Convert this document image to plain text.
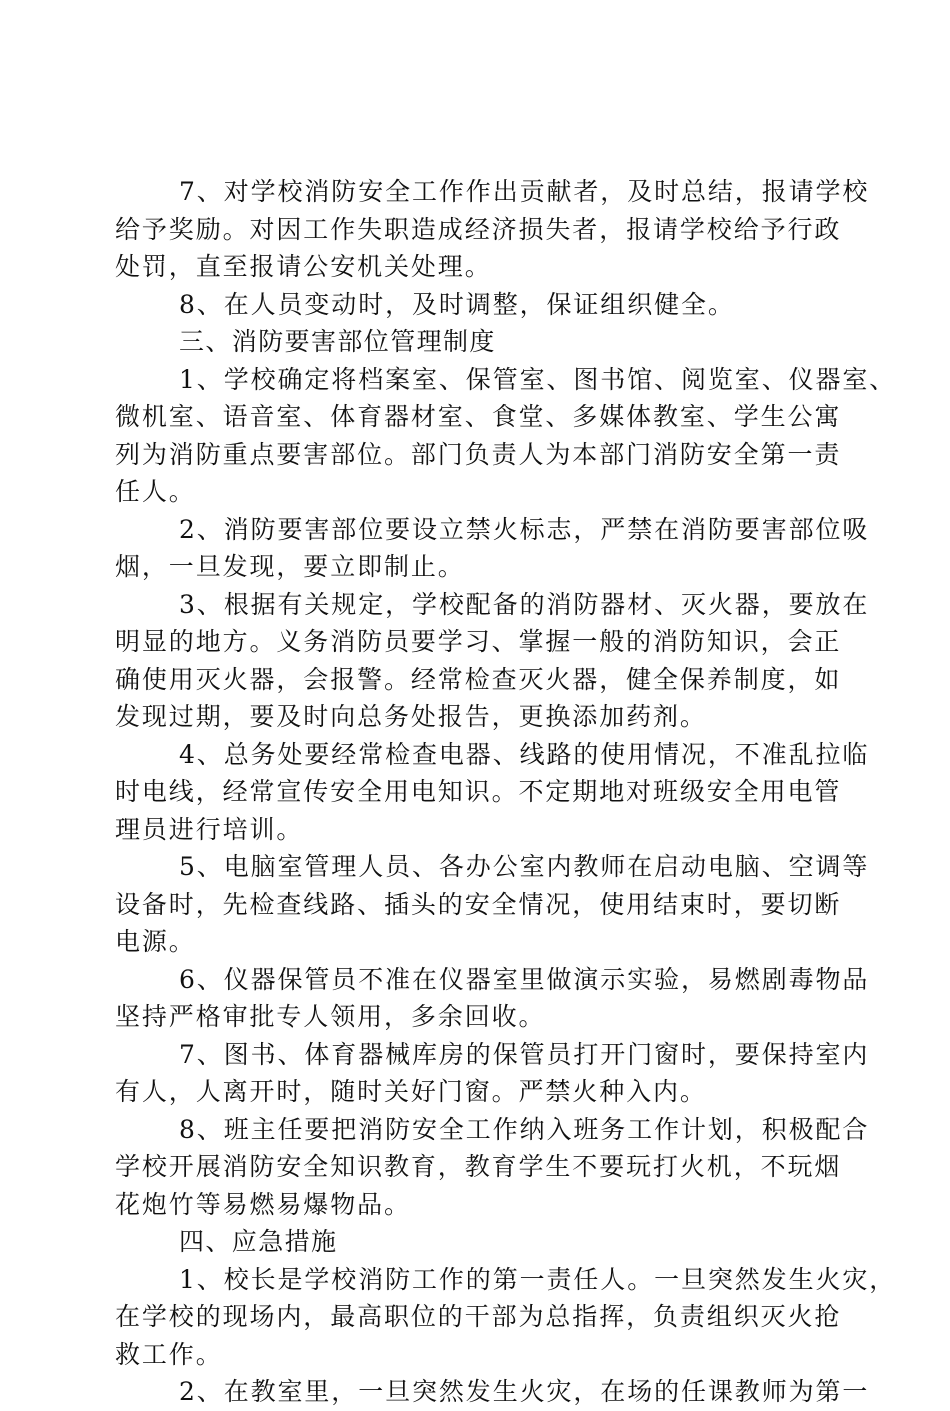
7、对学校消防安全工作作出贡献者，及时总结，报请学校
给予奖励。对因工作失职造成经济损失者，报请学校给予行政
处罚，直至报请公安机关处理。
8、在人员变动时，及时调整，保证组织健全。
三、消防要害部位管理制度
1、学校确定将档案室、保管室、图书馆、阅览室、仪器室、
微机室、语音室、体育器材室、食堂、多媒体教室、学生公寓
列为消防重点要害部位。部门负责人为本部门消防安全第一责
任人。
2、消防要害部位要设立禁火标志，严禁在消防要害部位吸
烟，一旦发现，要立即制止。
3、根据有关规定，学校配备的消防器材、灭火器，要放在
明显的地方。义务消防员要学习、掌握一般的消防知识，会正
确使用灭火器，会报警。经常检查灭火器，健全保养制度，如
发现过期，要及时向总务处报告，更换添加药剂。
4、总务处要经常检查电器、线路的使用情况，不准乱拉临
时电线，经常宣传安全用电知识。不定期地对班级安全用电管
理员进行培训。
5、电脑室管理人员、各办公室内教师在启动电脑、空调等
设备时，先检查线路、插头的安全情况，使用结束时，要切断
电源。
6、仪器保管员不准在仪器室里做演示实验，易燃剧毒物品
坚持严格审批专人领用，多余回收。
7、图书、体育器械库房的保管员打开门窗时，要保持室内
有人，人离开时，随时关好门窗。严禁火种入内。
8、班主任要把消防安全工作纳入班务工作计划，积极配合
学校开展消防安全知识教育，教育学生不要玩打火机，不玩烟
花炮竹等易燃易爆物品。
四、应急措施
1、校长是学校消防工作的第一责任人。一旦突然发生火灾，
在学校的现场内，最高职位的干部为总指挥，负责组织灭火抢
救工作。
2、在教室里，一旦突然发生火灾，在场的任课教师为第一
